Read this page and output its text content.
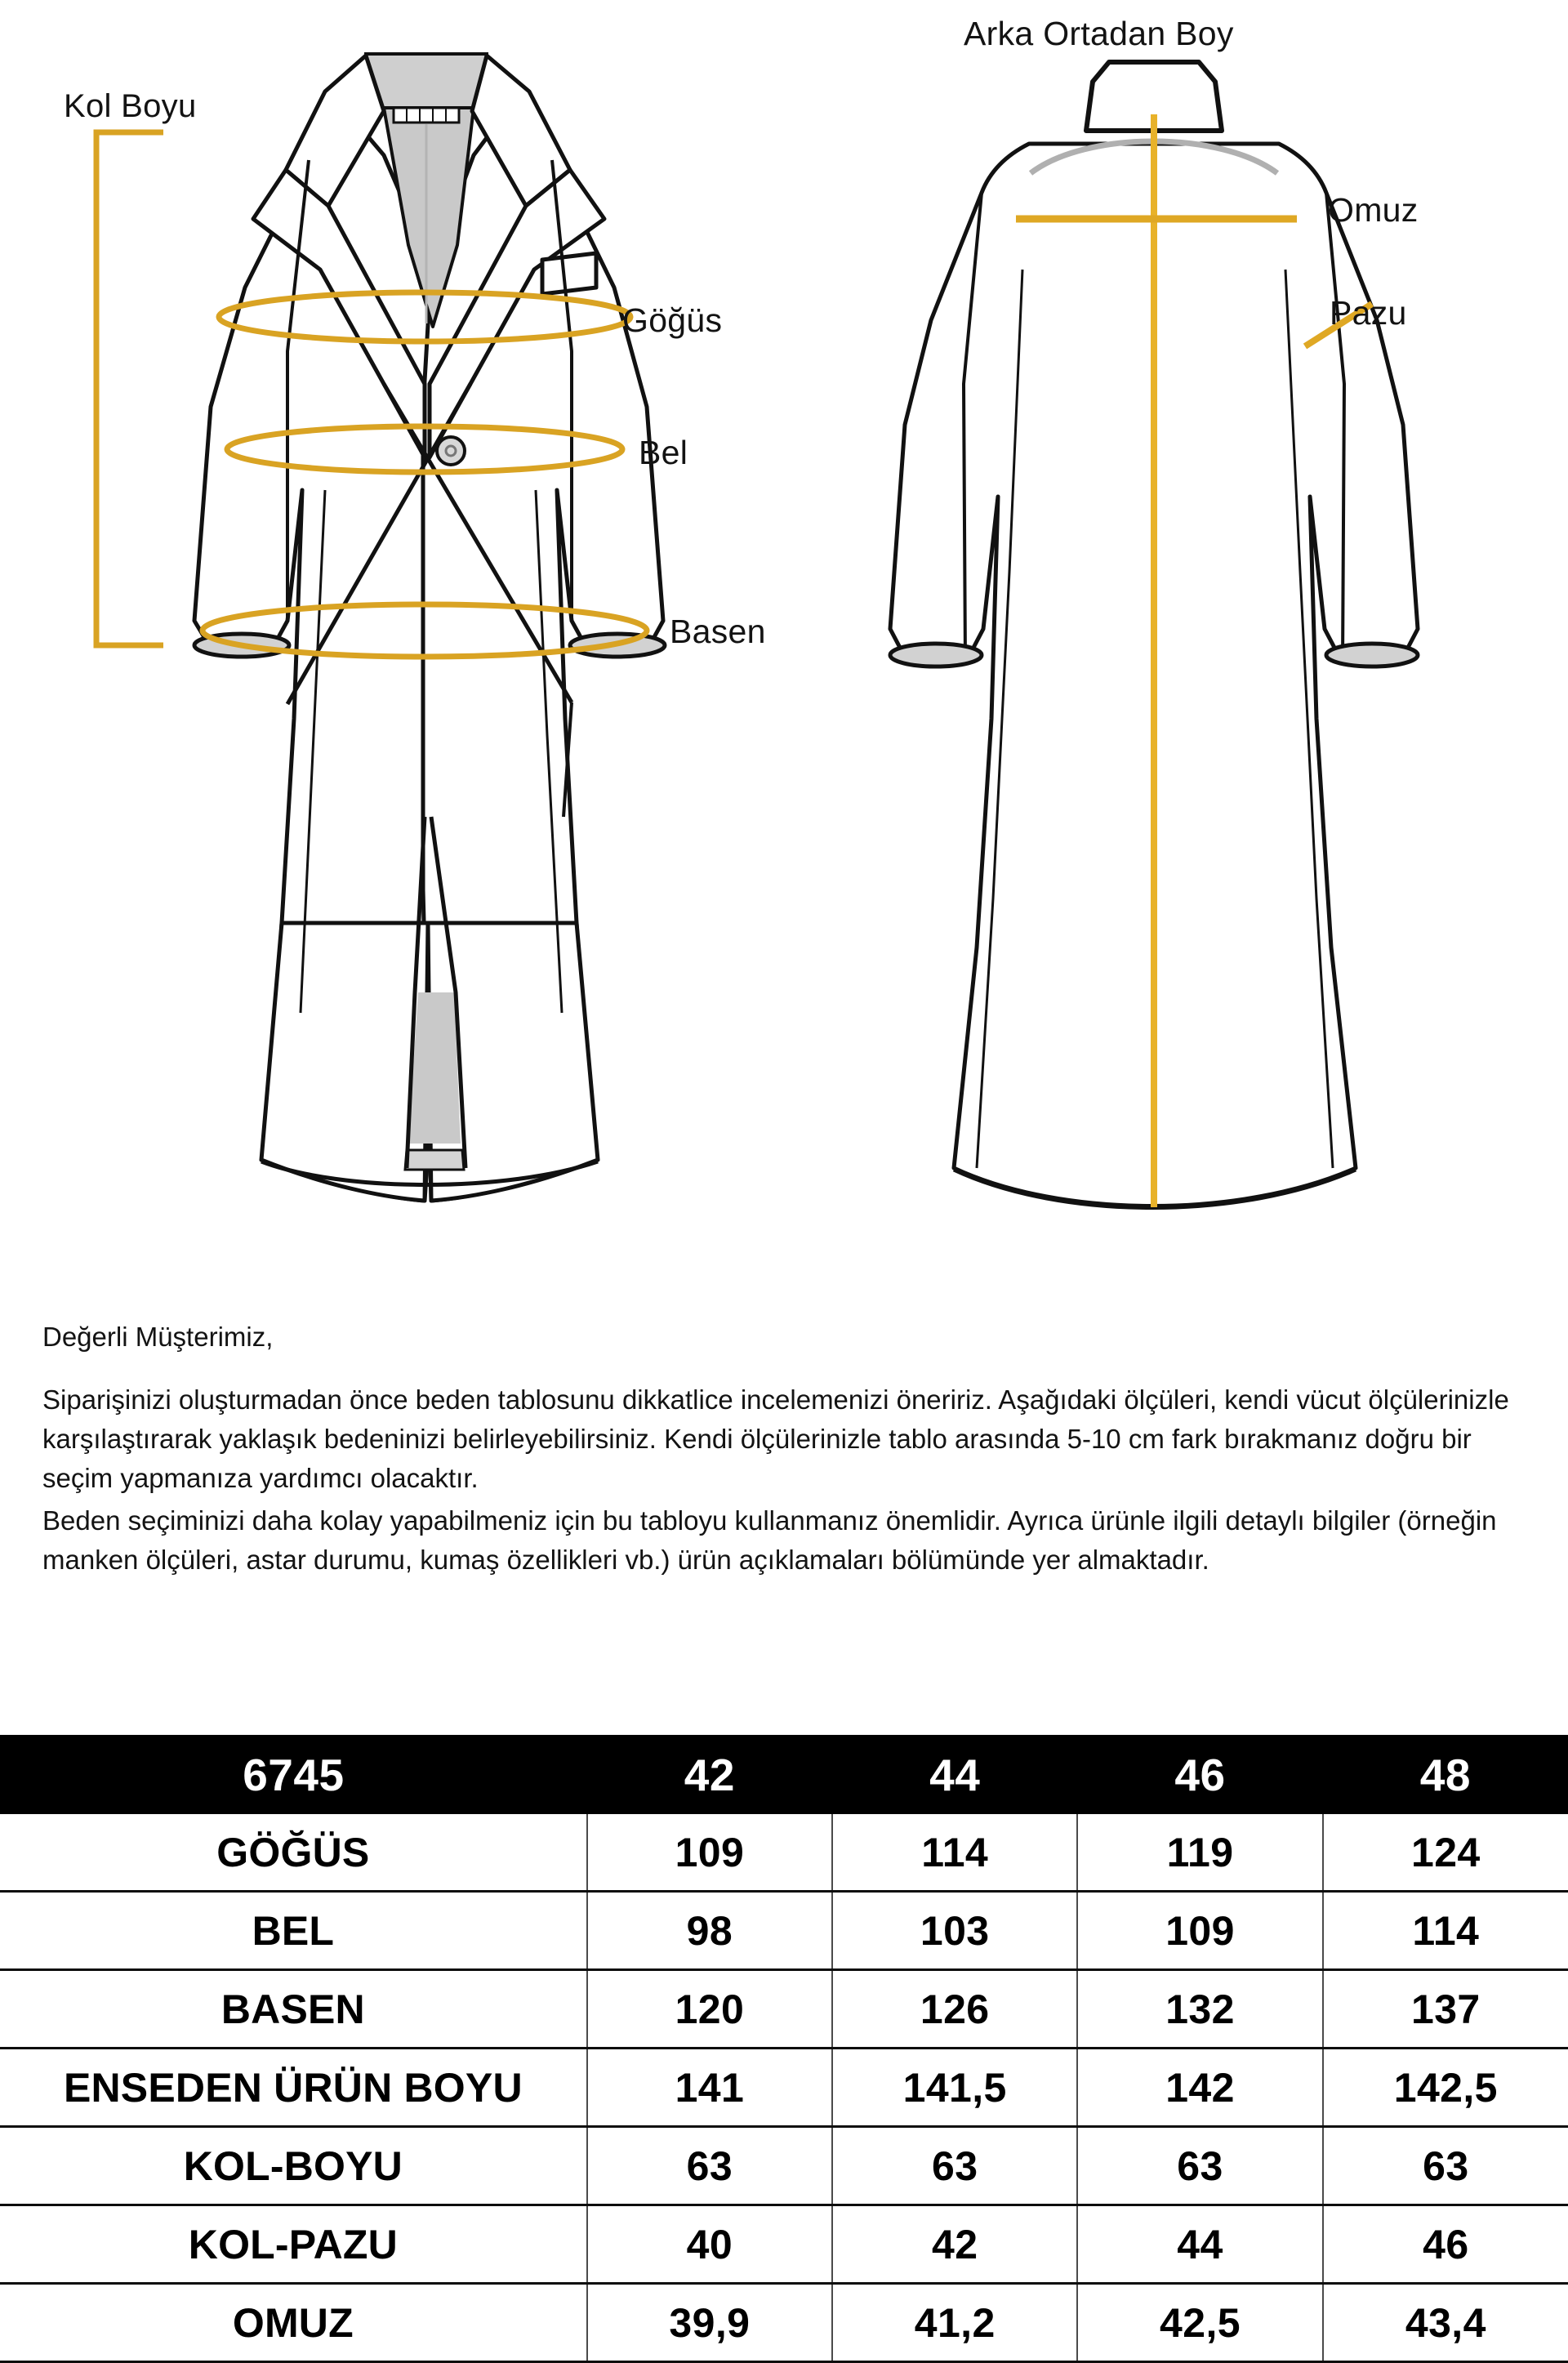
Kol Boyu
Göğüs
Bel
Basen
Arka Ortadan Boy
Omuz
Pazu

Değerli Müşterimiz,

Siparişinizi oluşturmadan önce beden tablosunu dikkatlice incelemenizi öneririz. Aşağıdaki ölçüleri, kendi vücut ölçülerinizle karşılaştırarak yaklaşık bedeninizi belirleyebilirsiniz. Kendi ölçülerinizle tablo arasında 5-10 cm fark bırakmanız doğru bir seçim yapmanıza yardımcı olacaktır.

Beden seçiminizi daha kolay yapabilmeniz için bu tabloyu kullanmanız önemlidir. Ayrıca ürünle ilgili detaylı bilgiler (örneğin manken ölçüleri, astar durumu, kumaş özellikleri vb.) ürün açıklamaları bölümünde yer almaktadır.

6745	42	44	46	48
GÖĞÜS	109	114	119	124
BEL	98	103	109	114
BASEN	120	126	132	137
ENSEDEN ÜRÜN BOYU	141	141,5	142	142,5
KOL-BOYU	63	63	63	63
KOL-PAZU	40	42	44	46
OMUZ	39,9	41,2	42,5	43,4
